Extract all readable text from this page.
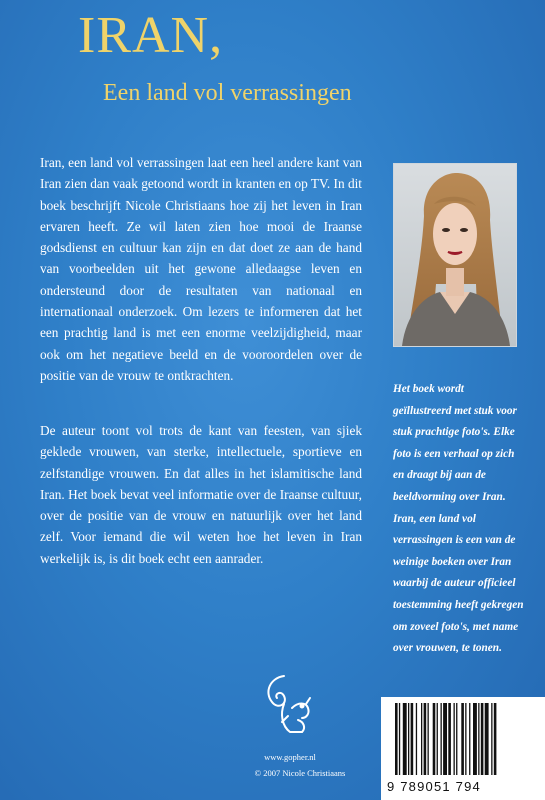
IRAN,
Een land vol verrassingen
Iran, een land vol verrassingen laat een heel andere kant van Iran zien dan vaak getoond wordt in kranten en op TV. In dit boek beschrijft Nicole Christiaans hoe zij het leven in Iran ervaren heeft. Ze wil laten zien hoe mooi de Iraanse godsdienst en cultuur kan zijn en dat doet ze aan de hand van voorbeelden uit het gewone alledaagse leven en ondersteund door de resultaten van nationaal en internationaal onderzoek. Om lezers te informeren dat het een prachtig land is met een enorme veelzijdigheid, maar ook om het negatieve beeld en de vooroordelen over de positie van de vrouw te ontkrachten.
De auteur toont vol trots de kant van feesten, van sjiek geklede vrouwen, van sterke, intellectuele, sportieve en zelfstandige vrouwen. En dat alles in het islamitische land Iran. Het boek bevat veel informatie over de Iraanse cultuur, over de positie van de vrouw en natuurlijk over het land zelf. Voor iemand die wil weten hoe het leven in Iran werkelijk is, is dit boek echt een aanrader.
Het boek wordt geïllustreerd met stuk voor stuk prachtige foto's. Elke foto is een verhaal op zich en draagt bij aan de beeldvorming over Iran. Iran, een land vol verrassingen is een van de weinige boeken over Iran waarbij de auteur officieel toestemming heeft gekregen om zoveel foto's, met name over vrouwen, te tonen.
www.gopher.nl
© 2007 Nicole Christiaans
9 789051 794
